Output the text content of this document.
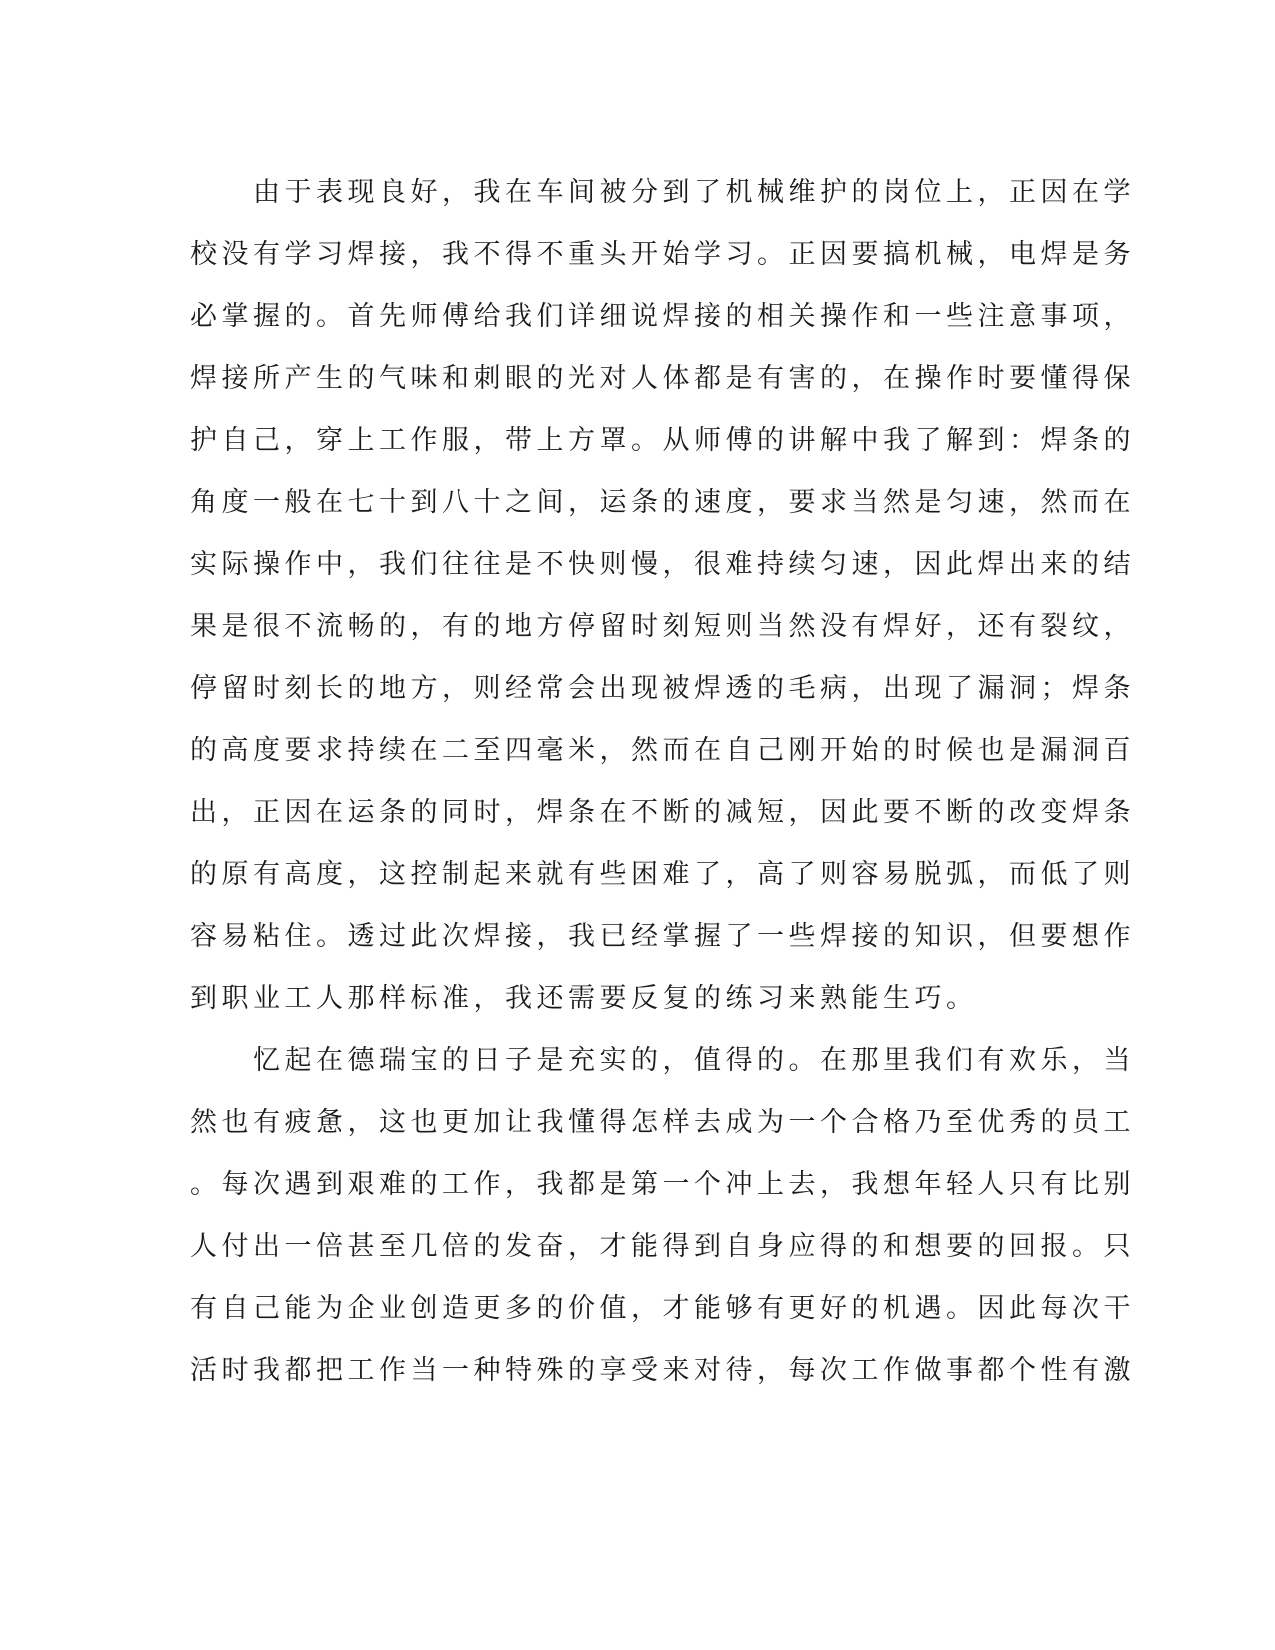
　　由于表现良好，我在车间被分到了机械维护的岗位上，正因在学
校没有学习焊接，我不得不重头开始学习。正因要搞机械，电焊是务
必掌握的。首先师傅给我们详细说焊接的相关操作和一些注意事项，
焊接所产生的气味和刺眼的光对人体都是有害的，在操作时要懂得保
护自己，穿上工作服，带上方罩。从师傅的讲解中我了解到：焊条的
角度一般在七十到八十之间，运条的速度，要求当然是匀速，然而在
实际操作中，我们往往是不快则慢，很难持续匀速，因此焊出来的结
果是很不流畅的，有的地方停留时刻短则当然没有焊好，还有裂纹，
停留时刻长的地方，则经常会出现被焊透的毛病，出现了漏洞；焊条
的高度要求持续在二至四毫米，然而在自己刚开始的时候也是漏洞百
出，正因在运条的同时，焊条在不断的减短，因此要不断的改变焊条
的原有高度，这控制起来就有些困难了，高了则容易脱弧，而低了则
容易粘住。透过此次焊接，我已经掌握了一些焊接的知识，但要想作
到职业工人那样标准，我还需要反复的练习来熟能生巧。
　　忆起在德瑞宝的日子是充实的，值得的。在那里我们有欢乐，当
然也有疲惫，这也更加让我懂得怎样去成为一个合格乃至优秀的员工
。每次遇到艰难的工作，我都是第一个冲上去，我想年轻人只有比别
人付出一倍甚至几倍的发奋，才能得到自身应得的和想要的回报。只
有自己能为企业创造更多的价值，才能够有更好的机遇。因此每次干
活时我都把工作当一种特殊的享受来对待，每次工作做事都个性有激
